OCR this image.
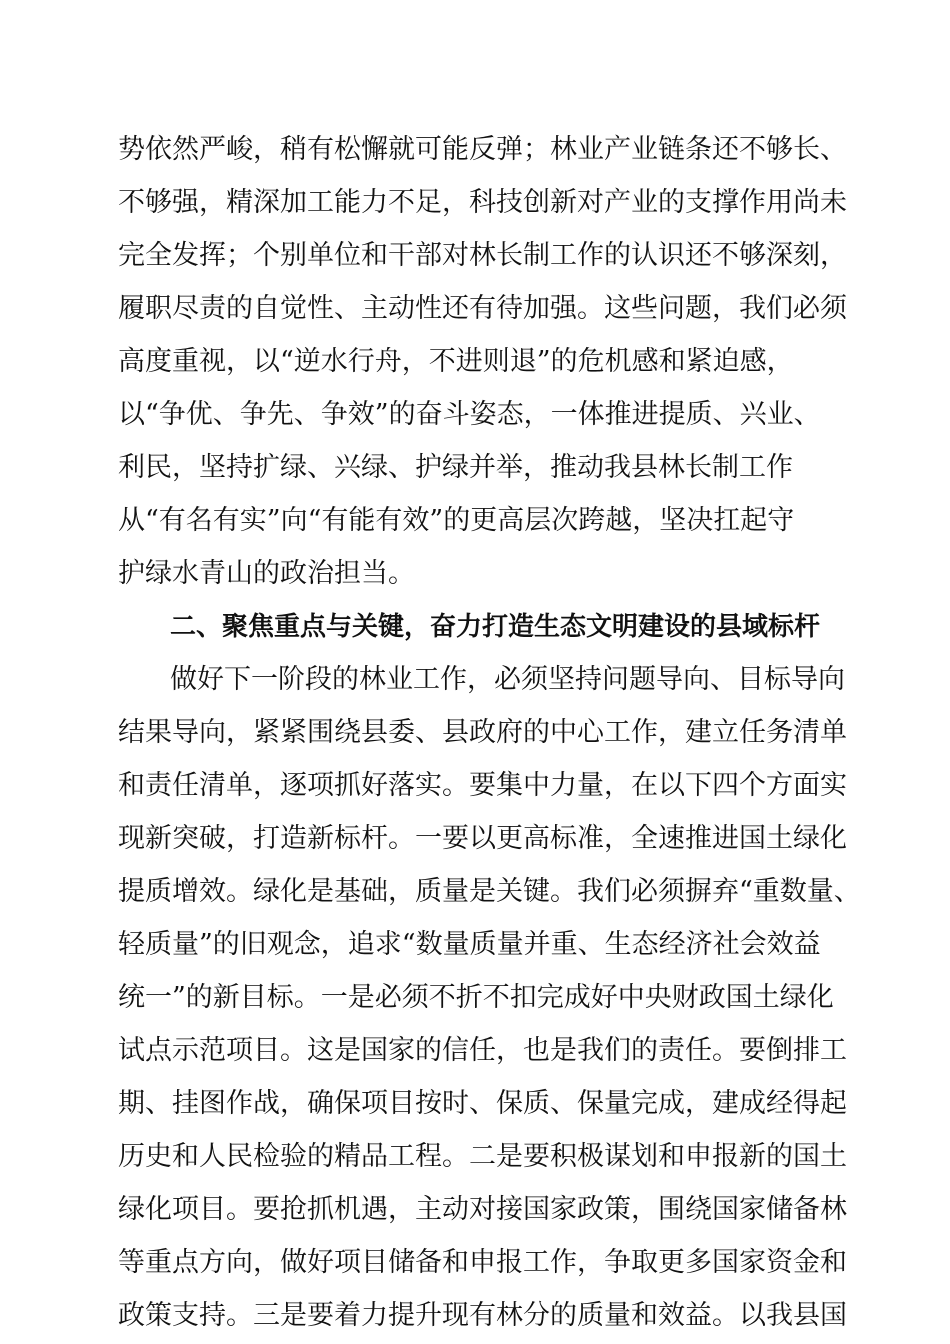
势依然严峻，稍有松懈就可能反弹；林业产业链条还不够长、
不够强，精深加工能力不足，科技创新对产业的支撑作用尚未
完全发挥；个别单位和干部对林长制工作的认识还不够深刻，
履职尽责的自觉性、主动性还有待加强。这些问题，我们必须
高度重视，以“逆水行舟，不进则退”的危机感和紧迫感，
以“争优、争先、争效”的奋斗姿态，一体推进提质、兴业、
利民，坚持扩绿、兴绿、护绿并举，推动我县林长制工作
从“有名有实”向“有能有效”的更高层次跨越，坚决扛起守
护绿水青山的政治担当。
二、聚焦重点与关键，奋力打造生态文明建设的县域标杆
做好下一阶段的林业工作，必须坚持问题导向、目标导向
结果导向，紧紧围绕县委、县政府的中心工作，建立任务清单
和责任清单，逐项抓好落实。要集中力量，在以下四个方面实
现新突破，打造新标杆。一要以更高标准，全速推进国土绿化
提质增效。绿化是基础，质量是关键。我们必须摒弃“重数量、
轻质量”的旧观念，追求“数量质量并重、生态经济社会效益
统一”的新目标。一是必须不折不扣完成好中央财政国土绿化
试点示范项目。这是国家的信任，也是我们的责任。要倒排工
期、挂图作战，确保项目按时、保质、保量完成，建成经得起
历史和人民检验的精品工程。二是要积极谋划和申报新的国土
绿化项目。要抢抓机遇，主动对接国家政策，围绕国家储备林
等重点方向，做好项目储备和申报工作，争取更多国家资金和
政策支持。三是要着力提升现有林分的质量和效益。以我县国
